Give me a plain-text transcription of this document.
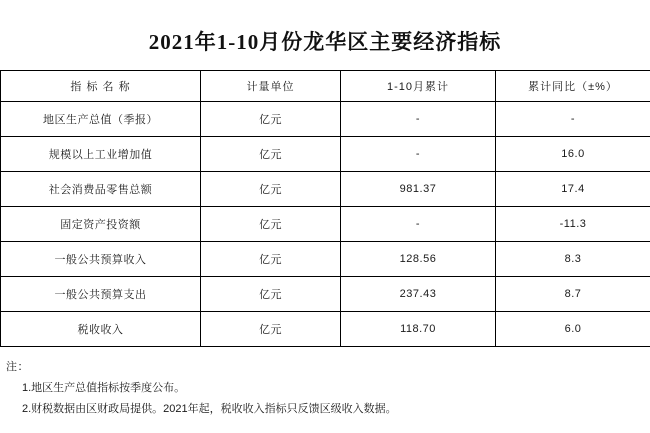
2021年1-10月份龙华区主要经济指标
指 标 名 称	计量单位	1-10月累计	累计同比（±%）
地区生产总值（季报）	亿元	-	-
规模以上工业增加值	亿元	-	16.0
社会消费品零售总额	亿元	981.37	17.4
固定资产投资额	亿元	-	-11.3
一般公共预算收入	亿元	128.56	8.3
一般公共预算支出	亿元	237.43	8.7
税收收入	亿元	118.70	6.0
注：
1.地区生产总值指标按季度公布。
2.财税数据由区财政局提供。2021年起，税收收入指标只反馈区级收入数据。
